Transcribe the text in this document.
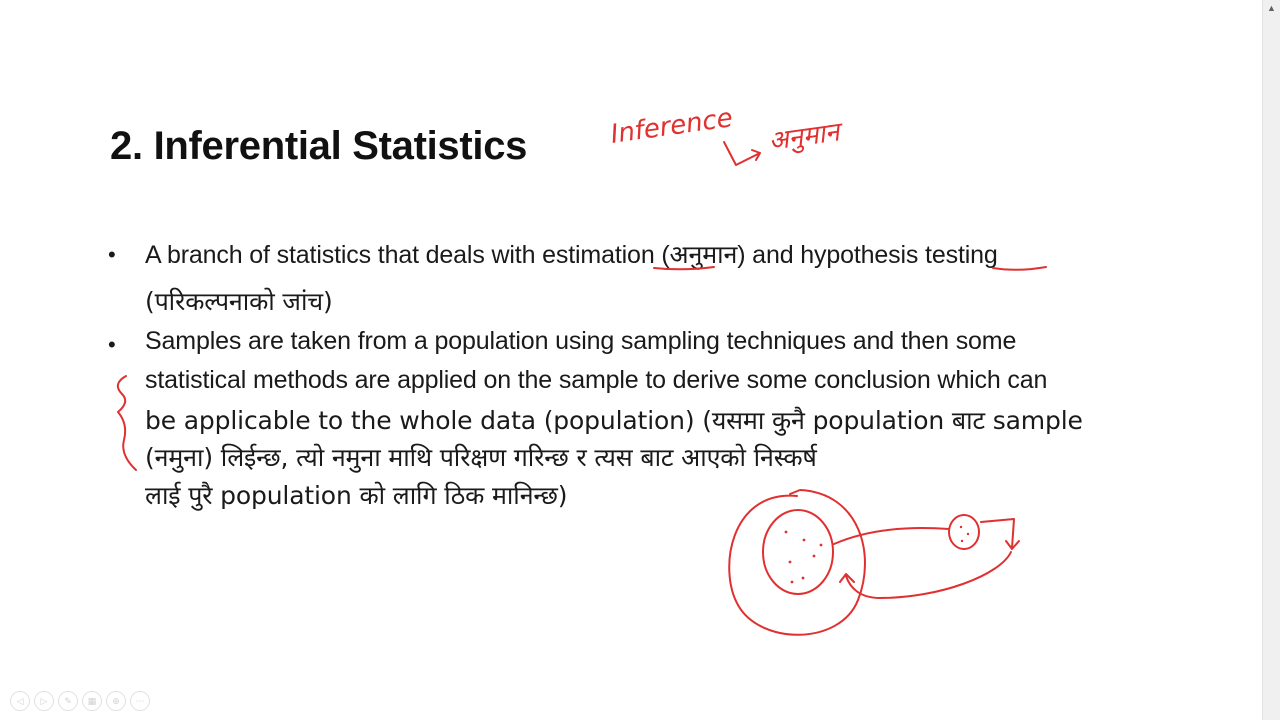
2. Inferential Statistics
• A branch of statistics that deals with estimation (अनुमान) and hypothesis testing
(परिकल्पनाको जांच)
• Samples are taken from a population using sampling techniques and then some
statistical methods are applied on the sample to derive some conclusion which can
be applicable to the whole data (population) (यसमा कुनै population बाट sample
(नमुना) लिईन्छ, त्यो नमुना माथि परिक्षण गरिन्छ र त्यस बाट आएको निस्कर्ष
लाई पुरै population को लागि ठिक मानिन्छ)
Inference अनुमान
◁	▷	✎	▦	⊕	⋯
▲
